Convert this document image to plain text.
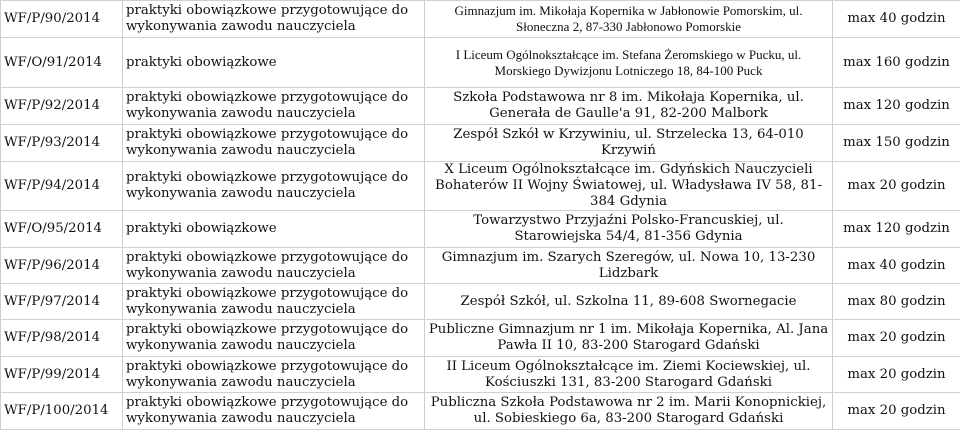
WF/P/90/2014	praktyki obowiązkowe przygotowujące do wykonywania zawodu nauczyciela	Gimnazjum im. Mikołaja Kopernika w Jabłonowie Pomorskim, ul. Słoneczna 2, 87-330 Jabłonowo Pomorskie	max 40 godzin
WF/O/91/2014	praktyki obowiązkowe	I Liceum Ogólnokształcące im. Stefana Żeromskiego w Pucku, ul. Morskiego Dywizjonu Lotniczego 18, 84-100 Puck	max 160 godzin
WF/P/92/2014	praktyki obowiązkowe przygotowujące do wykonywania zawodu nauczyciela	Szkoła Podstawowa nr 8 im. Mikołaja Kopernika, ul. Generała de Gaulle'a 91, 82-200 Malbork	max 120 godzin
WF/P/93/2014	praktyki obowiązkowe przygotowujące do wykonywania zawodu nauczyciela	Zespół Szkół w Krzywiniu, ul. Strzelecka 13, 64-010 Krzywiń	max 150 godzin
WF/P/94/2014	praktyki obowiązkowe przygotowujące do wykonywania zawodu nauczyciela	X Liceum Ogólnokształcące im. Gdyńskich Nauczycieli Bohaterów II Wojny Światowej, ul. Władysława IV 58, 81-384 Gdynia	max 20 godzin
WF/O/95/2014	praktyki obowiązkowe	Towarzystwo Przyjaźni Polsko-Francuskiej, ul. Starowiejska 54/4, 81-356 Gdynia	max 120 godzin
WF/P/96/2014	praktyki obowiązkowe przygotowujące do wykonywania zawodu nauczyciela	Gimnazjum im. Szarych Szeregów, ul. Nowa 10, 13-230 Lidzbark	max 40 godzin
WF/P/97/2014	praktyki obowiązkowe przygotowujące do wykonywania zawodu nauczyciela	Zespół Szkół, ul. Szkolna 11, 89-608 Swornegacie	max 80 godzin
WF/P/98/2014	praktyki obowiązkowe przygotowujące do wykonywania zawodu nauczyciela	Publiczne Gimnazjum nr 1 im. Mikołaja Kopernika, Al. Jana Pawła II 10, 83-200 Starogard Gdański	max 20 godzin
WF/P/99/2014	praktyki obowiązkowe przygotowujące do wykonywania zawodu nauczyciela	II Liceum Ogólnokształcące im. Ziemi Kociewskiej, ul. Kościuszki 131, 83-200 Starogard Gdański	max 20 godzin
WF/P/100/2014	praktyki obowiązkowe przygotowujące do wykonywania zawodu nauczyciela	Publiczna Szkoła Podstawowa nr 2 im. Marii Konopnickiej, ul. Sobieskiego 6a, 83-200 Starogard Gdański	max 20 godzin
